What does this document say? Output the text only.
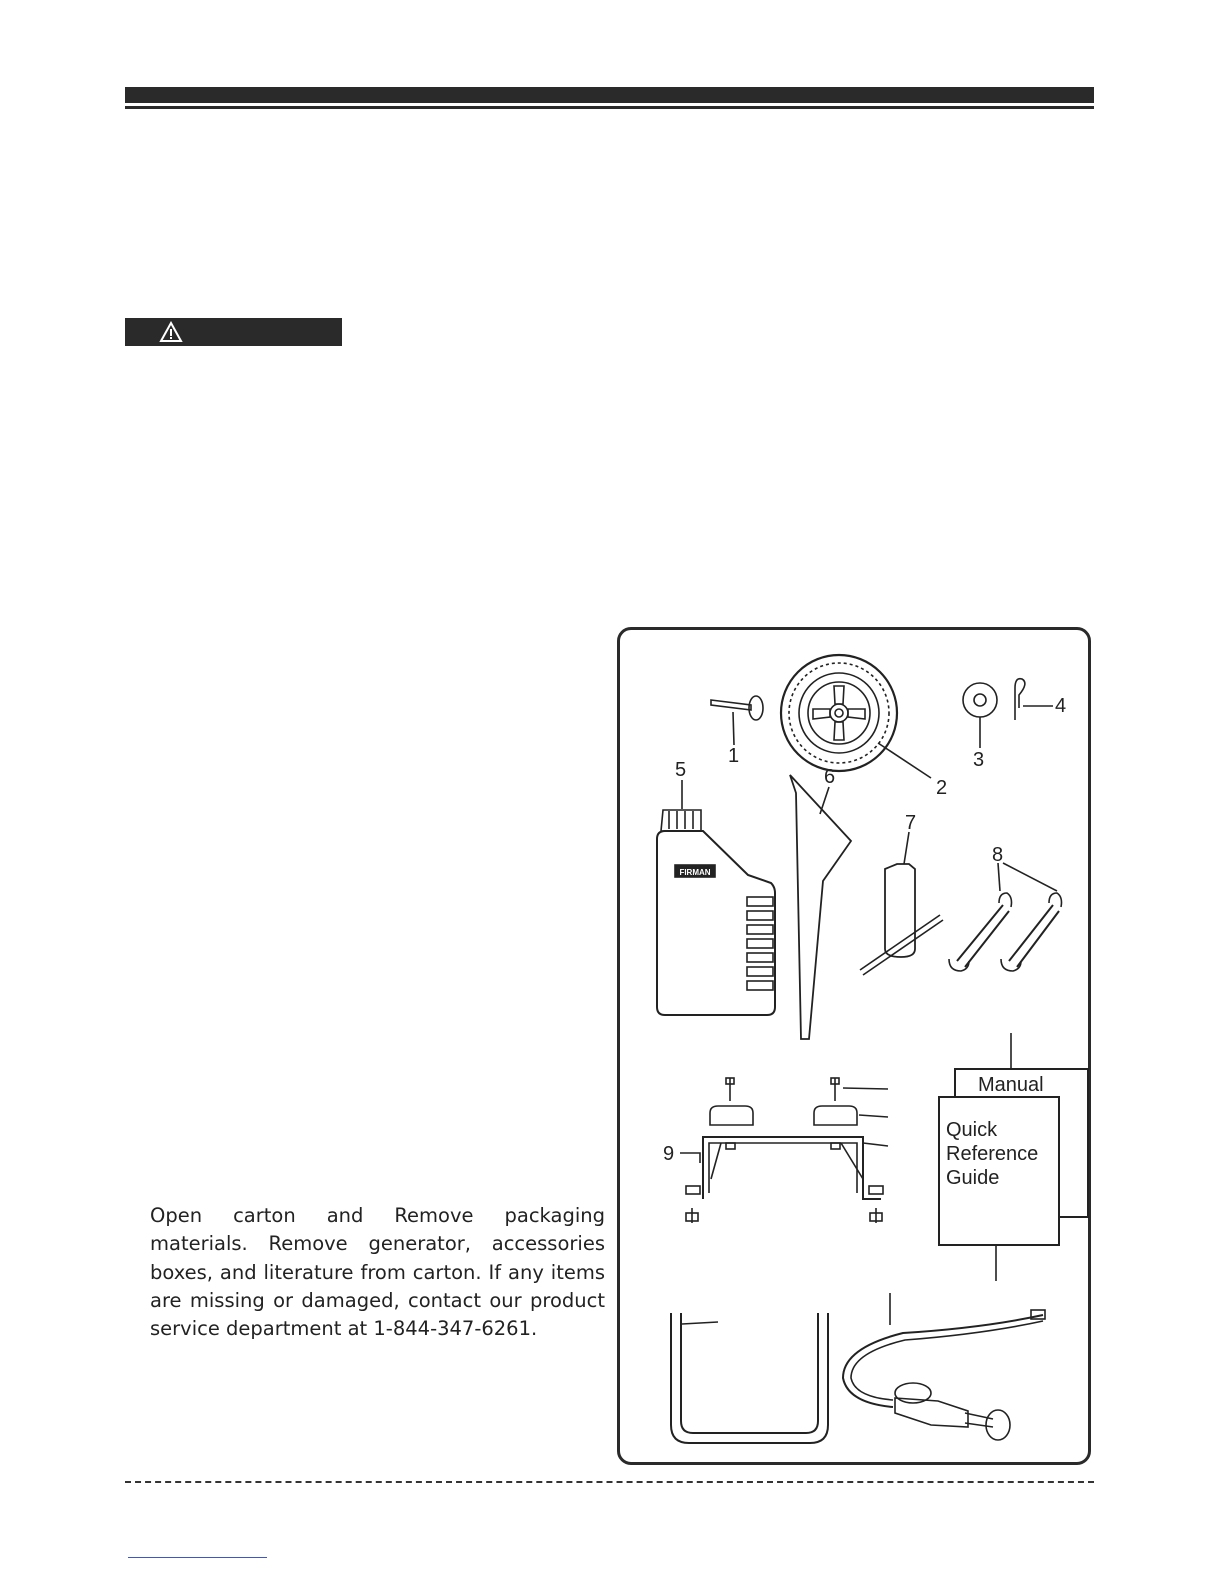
Open carton and Remove packaging materials. Remove generator, accessories boxes, and literature from carton. If any items are missing or damaged, contact our product service department at 1-844-347-6261.

1
2
3
4
5	6
7
8
9
FIRMAN
Manual
Quick
Reference
Guide
